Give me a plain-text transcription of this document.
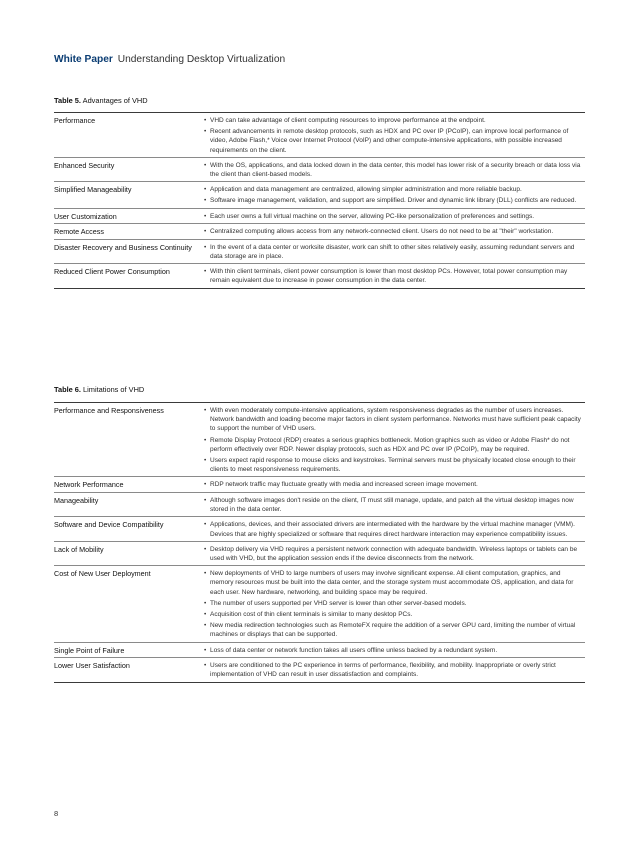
White Paper Understanding Desktop Virtualization
Table 5. Advantages of VHD
Performance	• VHD can take advantage of client computing resources to improve performance at the endpoint.
• Recent advancements in remote desktop protocols, such as HDX and PC over IP (PCoIP), can improve local performance of video, Adobe Flash,* Voice over Internet Protocol (VoIP) and other compute-intensive applications, with possible increased requirements on the client.
Enhanced Security	• With the OS, applications, and data locked down in the data center, this model has lower risk of a security breach or data loss via the client than client-based models.
Simplified Manageability	• Application and data management are centralized, allowing simpler administration and more reliable backup.
• Software image management, validation, and support are simplified. Driver and dynamic link library (DLL) conflicts are reduced.
User Customization	• Each user owns a full virtual machine on the server, allowing PC-like personalization of preferences and settings.
Remote Access	• Centralized computing allows access from any network-connected client. Users do not need to be at "their" workstation.
Disaster Recovery and Business Continuity	• In the event of a data center or worksite disaster, work can shift to other sites relatively easily, assuming redundant servers and data storage are in place.
Reduced Client Power Consumption	• With thin client terminals, client power consumption is lower than most desktop PCs. However, total power consumption may remain equivalent due to increase in power consumption in the data center.
Table 6. Limitations of VHD
Performance and Responsiveness	• With even moderately compute-intensive applications, system responsiveness degrades as the number of users increases. Network bandwidth and loading become major factors in client system performance. Networks must have sufficient peak capacity to support the number of VHD users.
• Remote Display Protocol (RDP) creates a serious graphics bottleneck. Motion graphics such as video or Adobe Flash* do not perform effectively over RDP. Newer display protocols, such as HDX and PC over IP (PCoIP), may be required.
• Users expect rapid response to mouse clicks and keystrokes. Terminal servers must be physically located close enough to their clients to meet responsiveness requirements.
Network Performance	• RDP network traffic may fluctuate greatly with media and increased screen image movement.
Manageability	• Although software images don't reside on the client, IT must still manage, update, and patch all the virtual desktop images now stored in the data center.
Software and Device Compatibility	• Applications, devices, and their associated drivers are intermediated with the hardware by the virtual machine manager (VMM). Devices that are highly specialized or software that requires direct hardware interaction may experience compatibility issues.
Lack of Mobility	• Desktop delivery via VHD requires a persistent network connection with adequate bandwidth. Wireless laptops or tablets can be used with VHD, but the application session ends if the device disconnects from the network.
Cost of New User Deployment	• New deployments of VHD to large numbers of users may involve significant expense. All client computation, graphics, and memory resources must be built into the data center, and the storage system must accommodate OS, application, and data for each user. New hardware, networking, and building space may be required.
• The number of users supported per VHD server is lower than other server-based models.
• Acquisition cost of thin client terminals is similar to many desktop PCs.
• New media redirection technologies such as RemoteFX require the addition of a server GPU card, limiting the number of virtual machines or displays that can be supported.
Single Point of Failure	• Loss of data center or network function takes all users offline unless backed by a redundant system.
Lower User Satisfaction	• Users are conditioned to the PC experience in terms of performance, flexibility, and mobility. Inappropriate or overly strict implementation of VHD can result in user dissatisfaction and complaints.
8
